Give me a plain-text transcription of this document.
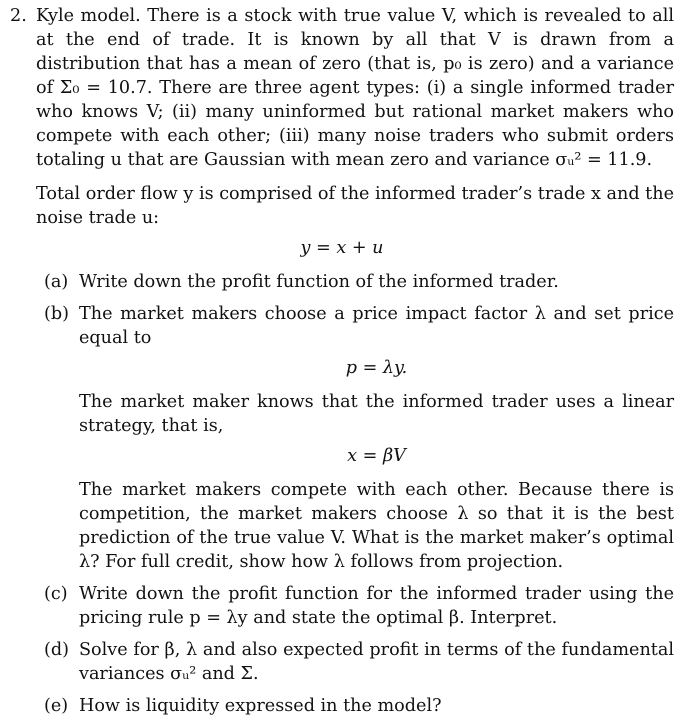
2. Kyle model. There is a stock with true value V, which is revealed to all at the end of trade. It is known by all that V is drawn from a distribution that has a mean of zero (that is, p₀ is zero) and a variance of Σ₀ = 10.7. There are three agent types: (i) a single informed trader who knows V; (ii) many uninformed but rational market makers who compete with each other; (iii) many noise traders who submit orders totaling u that are Gaussian with mean zero and variance σᵤ² = 11.9.
Total order flow y is comprised of the informed trader’s trade x and the noise trade u:
y = x + u
(a) Write down the profit function of the informed trader.
(b) The market makers choose a price impact factor λ and set price equal to
p = λy.
The market maker knows that the informed trader uses a linear strategy, that is,
x = βV
The market makers compete with each other. Because there is competition, the market makers choose λ so that it is the best prediction of the true value V. What is the market maker’s optimal λ? For full credit, show how λ follows from projection.
(c) Write down the profit function for the informed trader using the pricing rule p = λy and state the optimal β. Interpret.
(d) Solve for β, λ and also expected profit in terms of the fundamental variances σᵤ² and Σ.
(e) How is liquidity expressed in the model?
